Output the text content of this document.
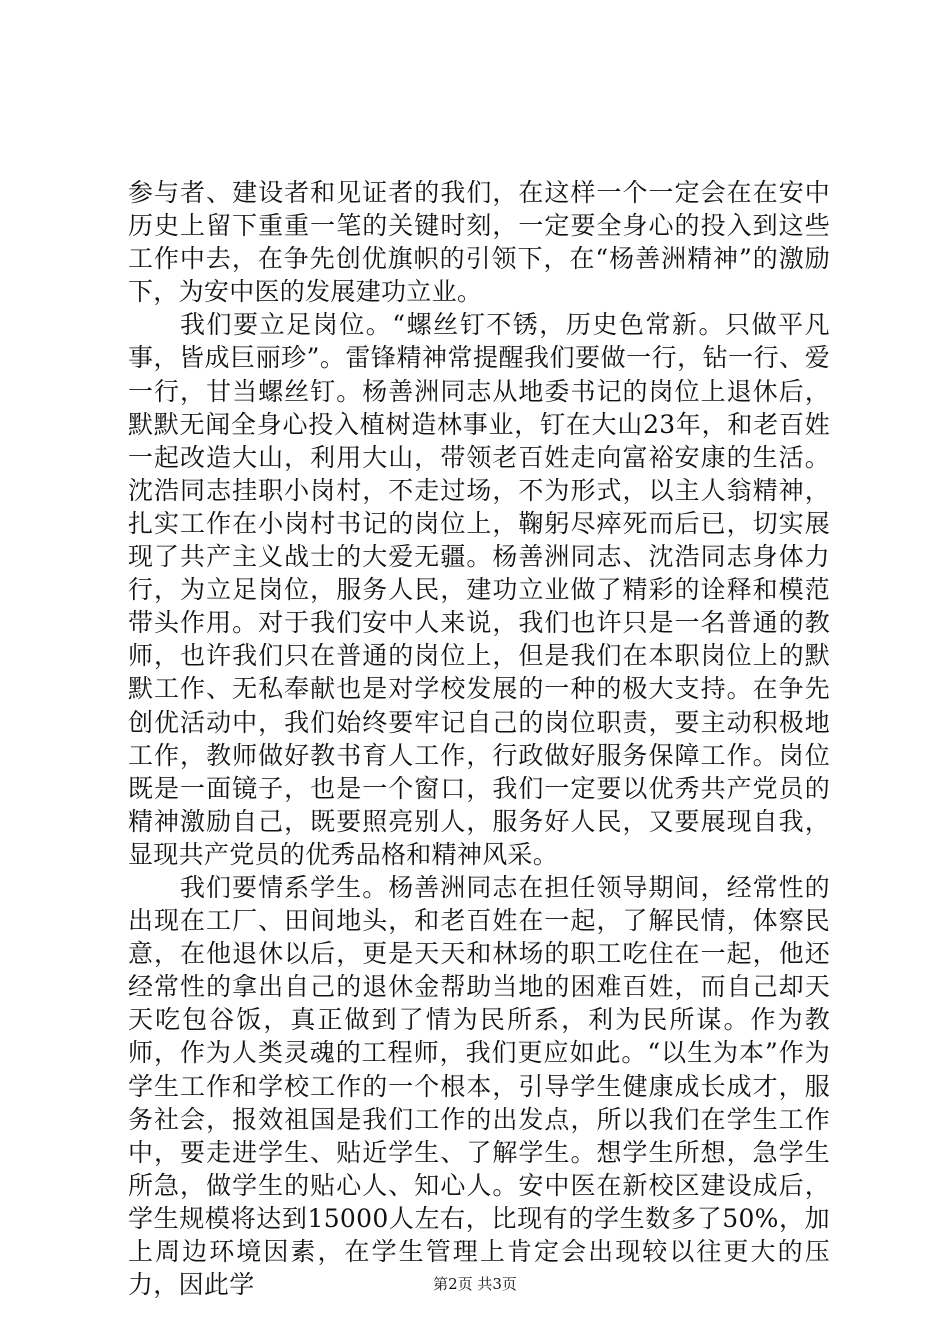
参与者、建设者和见证者的我们，在这样一个一定会在在安中历史上留下重重一笔的关键时刻，一定要全身心的投入到这些工作中去，在争先创优旗帜的引领下，在“杨善洲精神”的激励下，为安中医的发展建功立业。

我们要立足岗位。“螺丝钉不锈，历史色常新。只做平凡事，皆成巨丽珍”。雷锋精神常提醒我们要做一行，钻一行、爱一行，甘当螺丝钉。杨善洲同志从地委书记的岗位上退休后，默默无闻全身心投入植树造林事业，钉在大山23年，和老百姓一起改造大山，利用大山，带领老百姓走向富裕安康的生活。沈浩同志挂职小岗村，不走过场，不为形式，以主人翁精神，扎实工作在小岗村书记的岗位上，鞠躬尽瘁死而后已，切实展现了共产主义战士的大爱无疆。杨善洲同志、沈浩同志身体力行，为立足岗位，服务人民，建功立业做了精彩的诠释和模范带头作用。对于我们安中人来说，我们也许只是一名普通的教师，也许我们只在普通的岗位上，但是我们在本职岗位上的默默工作、无私奉献也是对学校发展的一种的极大支持。在争先创优活动中，我们始终要牢记自己的岗位职责，要主动积极地工作，教师做好教书育人工作，行政做好服务保障工作。岗位既是一面镜子，也是一个窗口，我们一定要以优秀共产党员的精神激励自己，既要照亮别人，服务好人民，又要展现自我，显现共产党员的优秀品格和精神风采。

我们要情系学生。杨善洲同志在担任领导期间，经常性的出现在工厂、田间地头，和老百姓在一起，了解民情，体察民意，在他退休以后，更是天天和林场的职工吃住在一起，他还经常性的拿出自己的退休金帮助当地的困难百姓，而自己却天天吃包谷饭，真正做到了情为民所系，利为民所谋。作为教师，作为人类灵魂的工程师，我们更应如此。“以生为本”作为学生工作和学校工作的一个根本，引导学生健康成长成才，服务社会，报效祖国是我们工作的出发点，所以我们在学生工作中，要走进学生、贴近学生、了解学生。想学生所想，急学生所急，做学生的贴心人、知心人。安中医在新校区建设成后，学生规模将达到15000人左右，比现有的学生数多了50%，加上周边环境因素，在学生管理上肯定会出现较以往更大的压力，因此学	第2页 共3页
